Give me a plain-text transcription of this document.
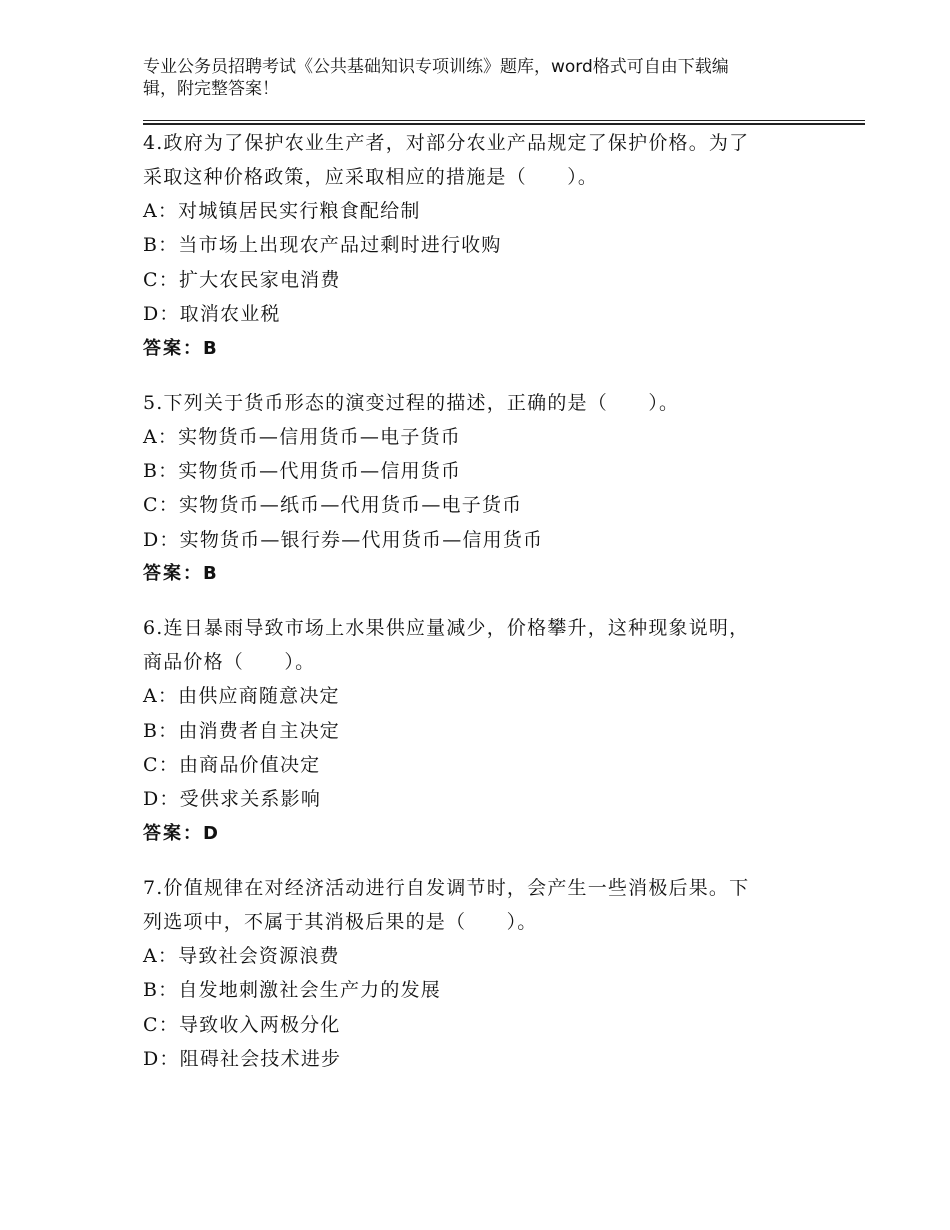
专业公务员招聘考试《公共基础知识专项训练》题库，word格式可自由下载编
辑，附完整答案！
4.政府为了保护农业生产者，对部分农业产品规定了保护价格。为了
采取这种价格政策，应采取相应的措施是（　　）。
A：对城镇居民实行粮食配给制
B：当市场上出现农产品过剩时进行收购
C：扩大农民家电消费
D：取消农业税
答案：B
5.下列关于货币形态的演变过程的描述，正确的是（　　）。
A：实物货币—信用货币—电子货币
B：实物货币—代用货币—信用货币
C：实物货币—纸币—代用货币—电子货币
D：实物货币—银行券—代用货币—信用货币
答案：B
6.连日暴雨导致市场上水果供应量减少，价格攀升，这种现象说明，
商品价格（　　）。
A：由供应商随意决定
B：由消费者自主决定
C：由商品价值决定
D：受供求关系影响
答案：D
7.价值规律在对经济活动进行自发调节时，会产生一些消极后果。下
列选项中，不属于其消极后果的是（　　）。
A：导致社会资源浪费
B：自发地刺激社会生产力的发展
C：导致收入两极分化
D：阻碍社会技术进步
